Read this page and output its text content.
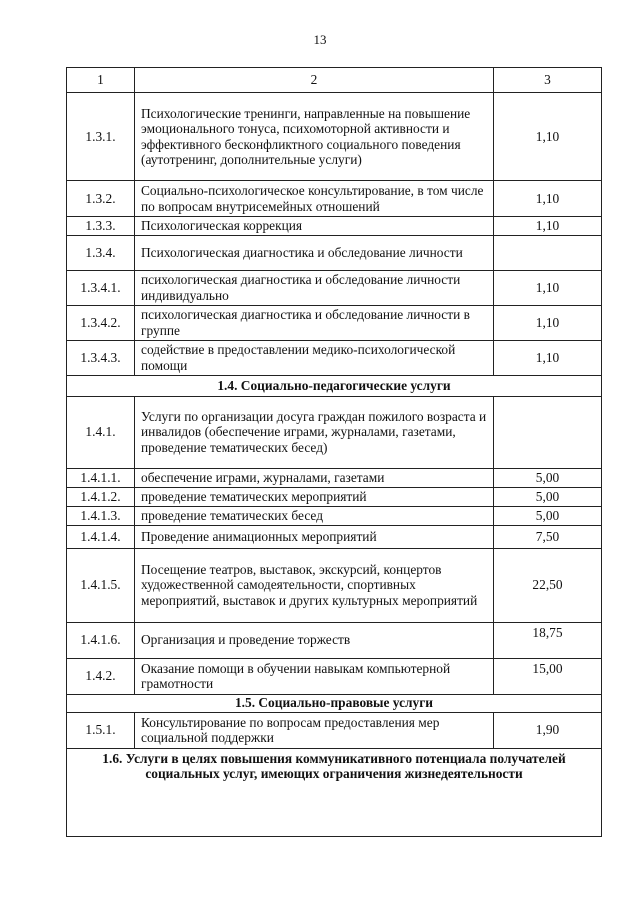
13
1	2	3
1.3.1.	Психологические тренинги, направленные на повышение эмоционального тонуса, психомоторной активности и эффективного бесконфликтного социального поведения (аутотренинг, дополнительные услуги)	1,10
1.3.2.	Социально-психологическое консультирование, в том числе по вопросам внутрисемейных отношений	1,10
1.3.3.	Психологическая коррекция	1,10
1.3.4.	Психологическая диагностика и обследование личности	
1.3.4.1.	психологическая диагностика и обследование личности индивидуально	1,10
1.3.4.2.	психологическая диагностика и обследование личности в группе	1,10
1.3.4.3.	содействие в предоставлении медико-психологической помощи	1,10
1.4. Социально-педагогические услуги		
1.4.1.	Услуги по организации досуга граждан пожилого возраста и инвалидов (обеспечение играми, журналами, газетами, проведение тематических бесед)	
1.4.1.1.	обеспечение играми, журналами, газетами	5,00
1.4.1.2.	проведение тематических мероприятий	5,00
1.4.1.3.	проведение тематических бесед	5,00
1.4.1.4.	Проведение анимационных мероприятий	7,50
1.4.1.5.	Посещение театров, выставок, экскурсий, концертов художественной самодеятельности, спортивных мероприятий, выставок и других культурных мероприятий	22,50
1.4.1.6.	Организация и проведение торжеств	18,75
1.4.2.	Оказание помощи в обучении навыкам компьютерной грамотности	15,00
1.5. Социально-правовые услуги		
1.5.1.	Консультирование по вопросам предоставления мер социальной поддержки	1,90
1.6. Услуги в целях повышения коммуникативного потенциала получателей социальных услуг, имеющих ограничения жизнедеятельности		
